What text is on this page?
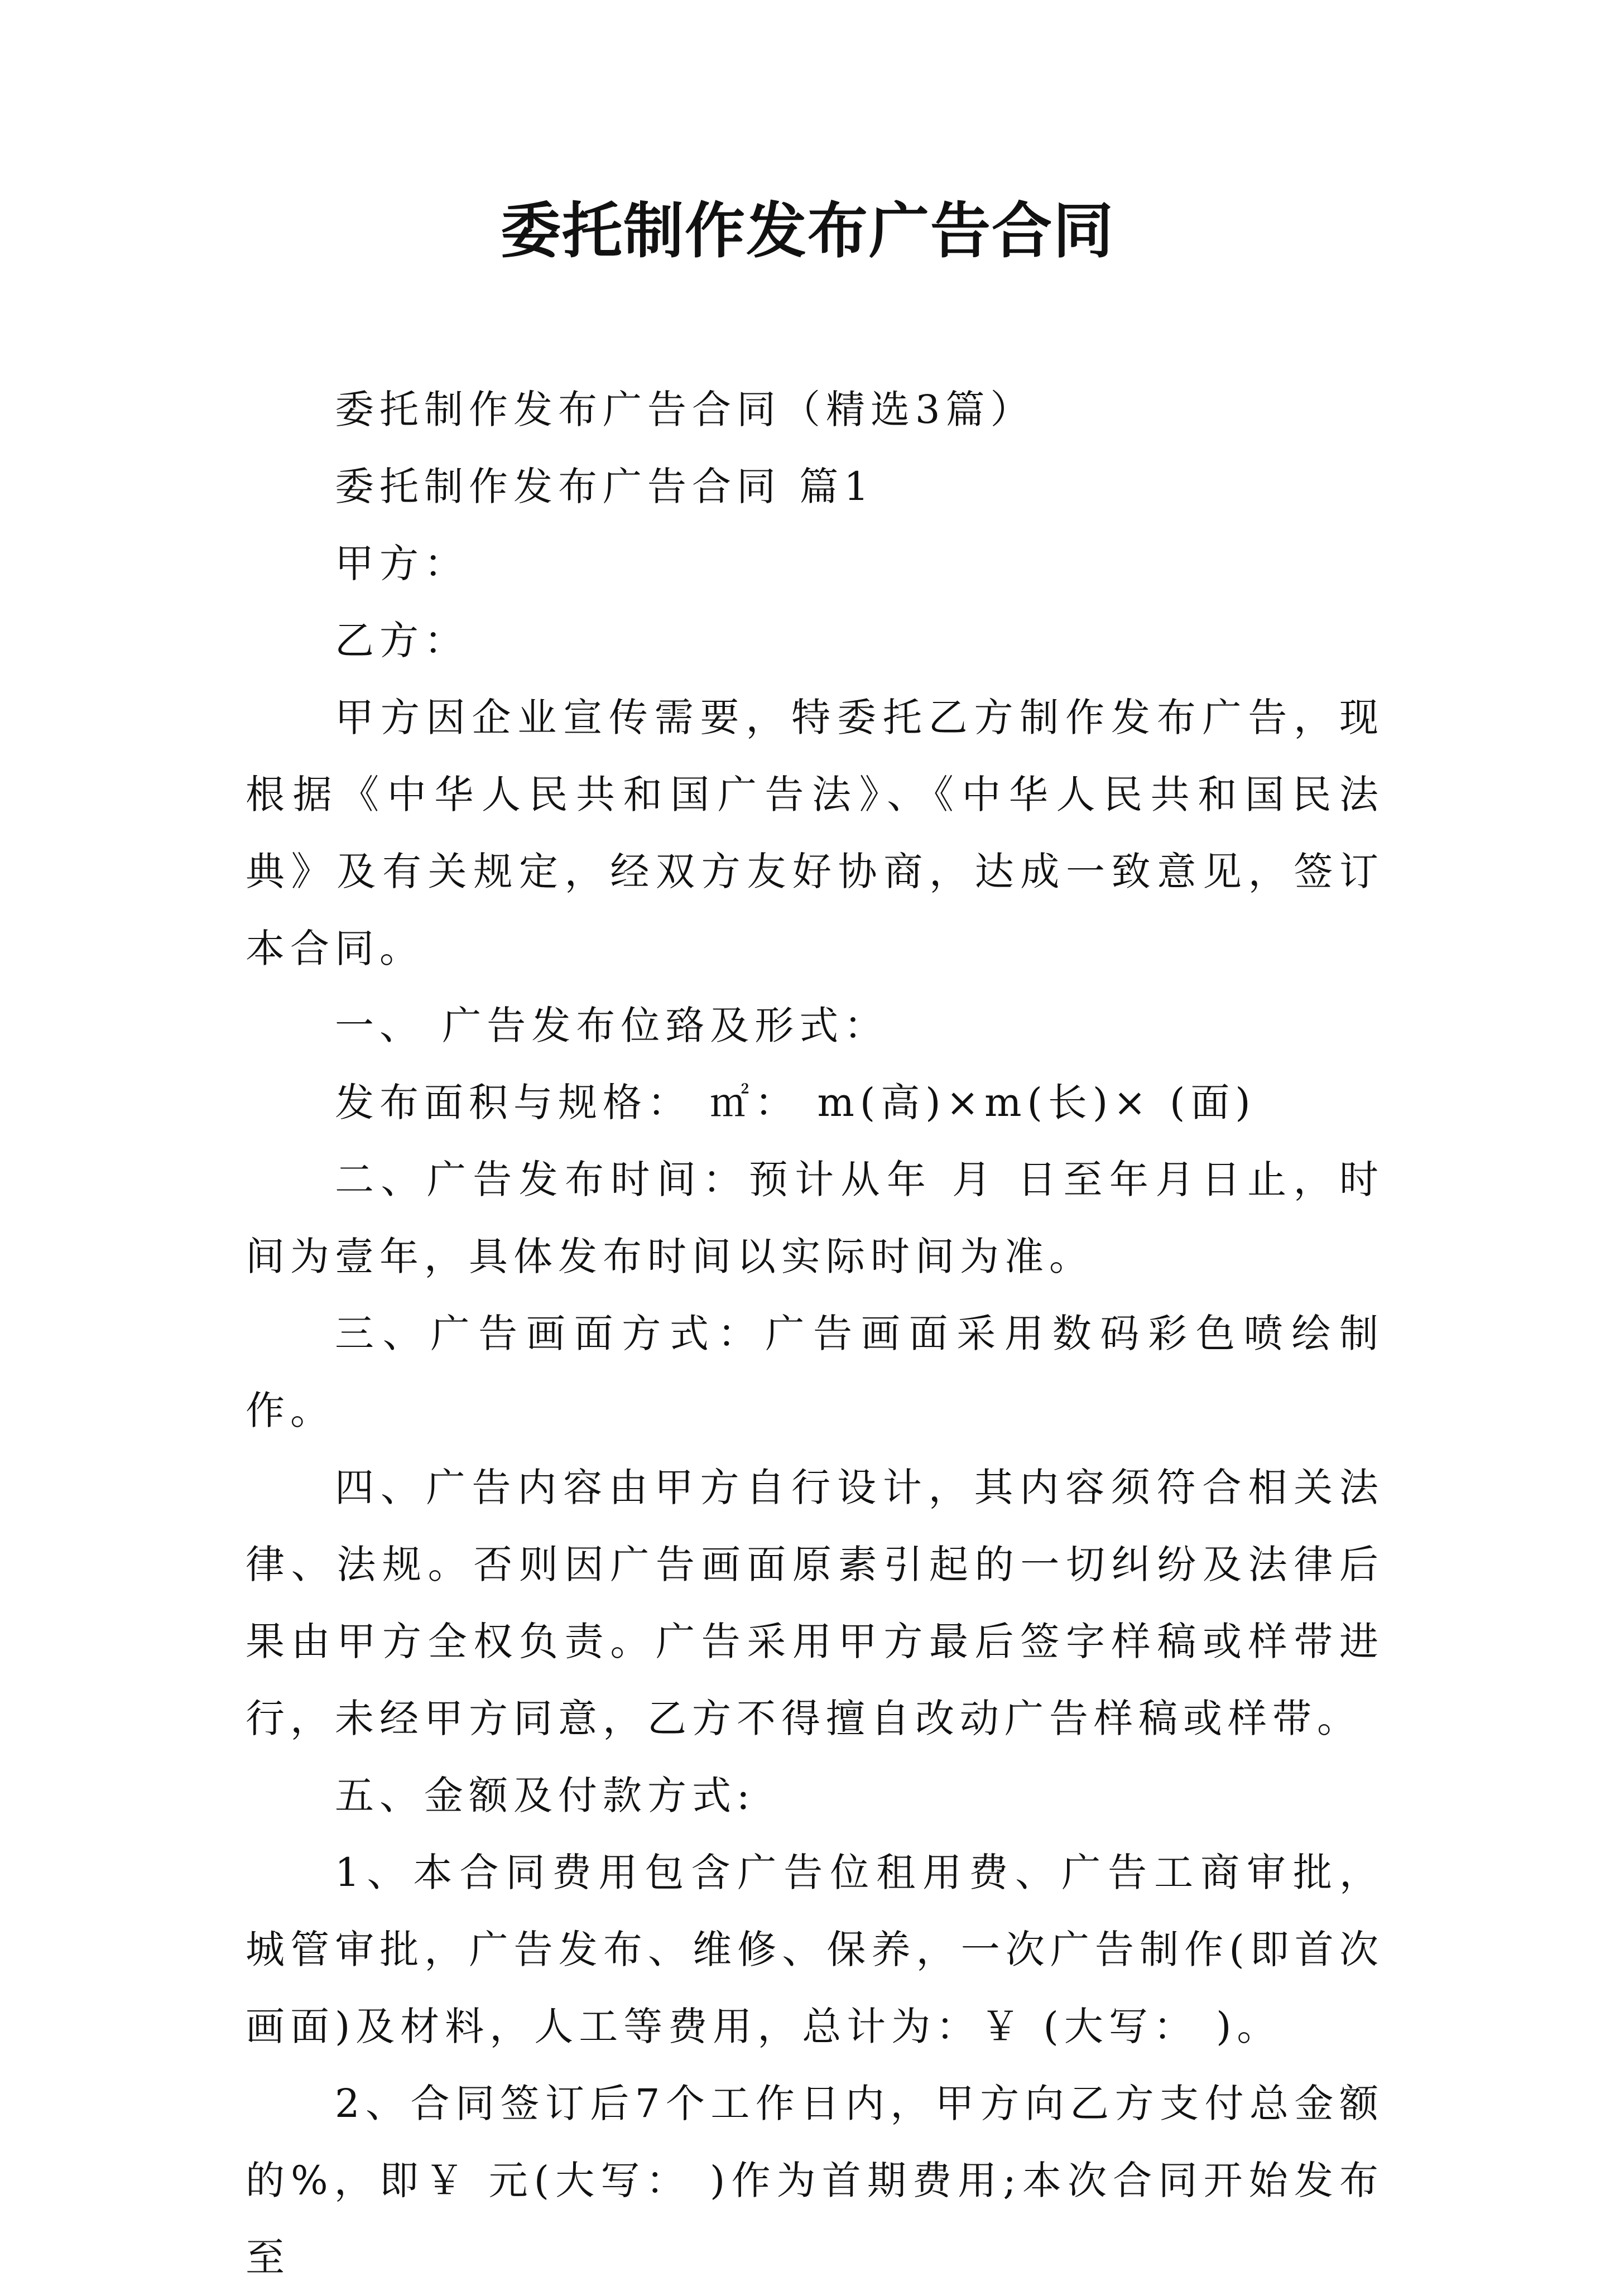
委托制作发布广告合同

委托制作发布广告合同（精选3篇）

委托制作发布广告合同 篇1

甲方：

乙方：

甲方因企业宣传需要，特委托乙方制作发布广告，现根据《中华人民共和国广告法》、《中华人民共和国民法典》及有关规定，经双方友好协商，达成一致意见，签订本合同。

一、 广告发布位臵及形式：

发布面积与规格： ㎡： m(高)×m(长)× (面)

二、广告发布时间：预计从年 月 日至年月日止，时间为壹年，具体发布时间以实际时间为准。

三、广告画面方式：广告画面采用数码彩色喷绘制作。

四、广告内容由甲方自行设计，其内容须符合相关法律、法规。否则因广告画面原素引起的一切纠纷及法律后果由甲方全权负责。广告采用甲方最后签字样稿或样带进行，未经甲方同意，乙方不得擅自改动广告样稿或样带。

五、金额及付款方式:

1、本合同费用包含广告位租用费、广告工商审批，城管审批，广告发布、维修、保养，一次广告制作(即首次画面)及材料，人工等费用，总计为：￥ (大写： )。

2、合同签订后7个工作日内，甲方向乙方支付总金额的%，即￥ 元(大写： )作为首期费用;本次合同开始发布至
